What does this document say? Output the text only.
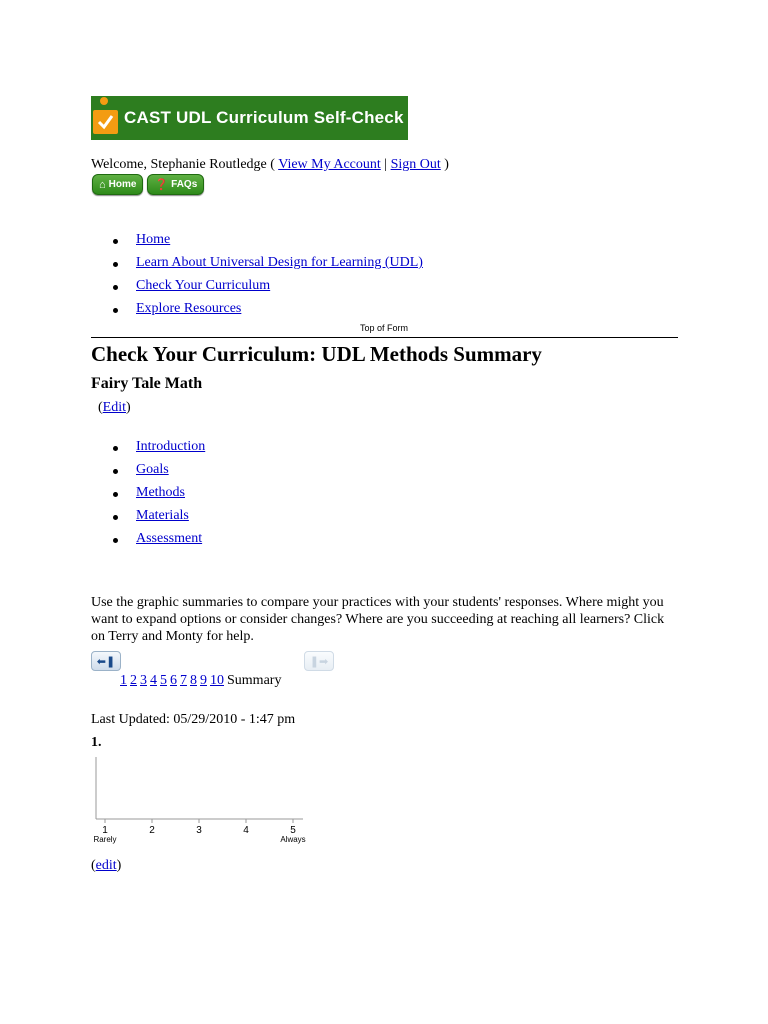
CAST UDL Curriculum Self-Check
Welcome, Stephanie Routledge ( View My Account | Sign Out )
⌂ Home ❓ FAQs
Home
Learn About Universal Design for Learning (UDL)
Check Your Curriculum
Explore Resources
Top of Form
Check Your Curriculum: UDL Methods Summary
Fairy Tale Math
(Edit)
Introduction
Goals
Methods
Materials
Assessment
Use the graphic summaries to compare your practices with your students' responses. Where might you want to expand options or consider changes? Where are you succeeding at reaching all learners? Click on Terry and Monty for help.
⬅‎❚	❚➡
1 2 3 4 5 6 7 8 9 10 Summary
Last Updated: 05/29/2010 - 1:47 pm
1.
1
Rarely
2	3	4	5
Always
(edit)
